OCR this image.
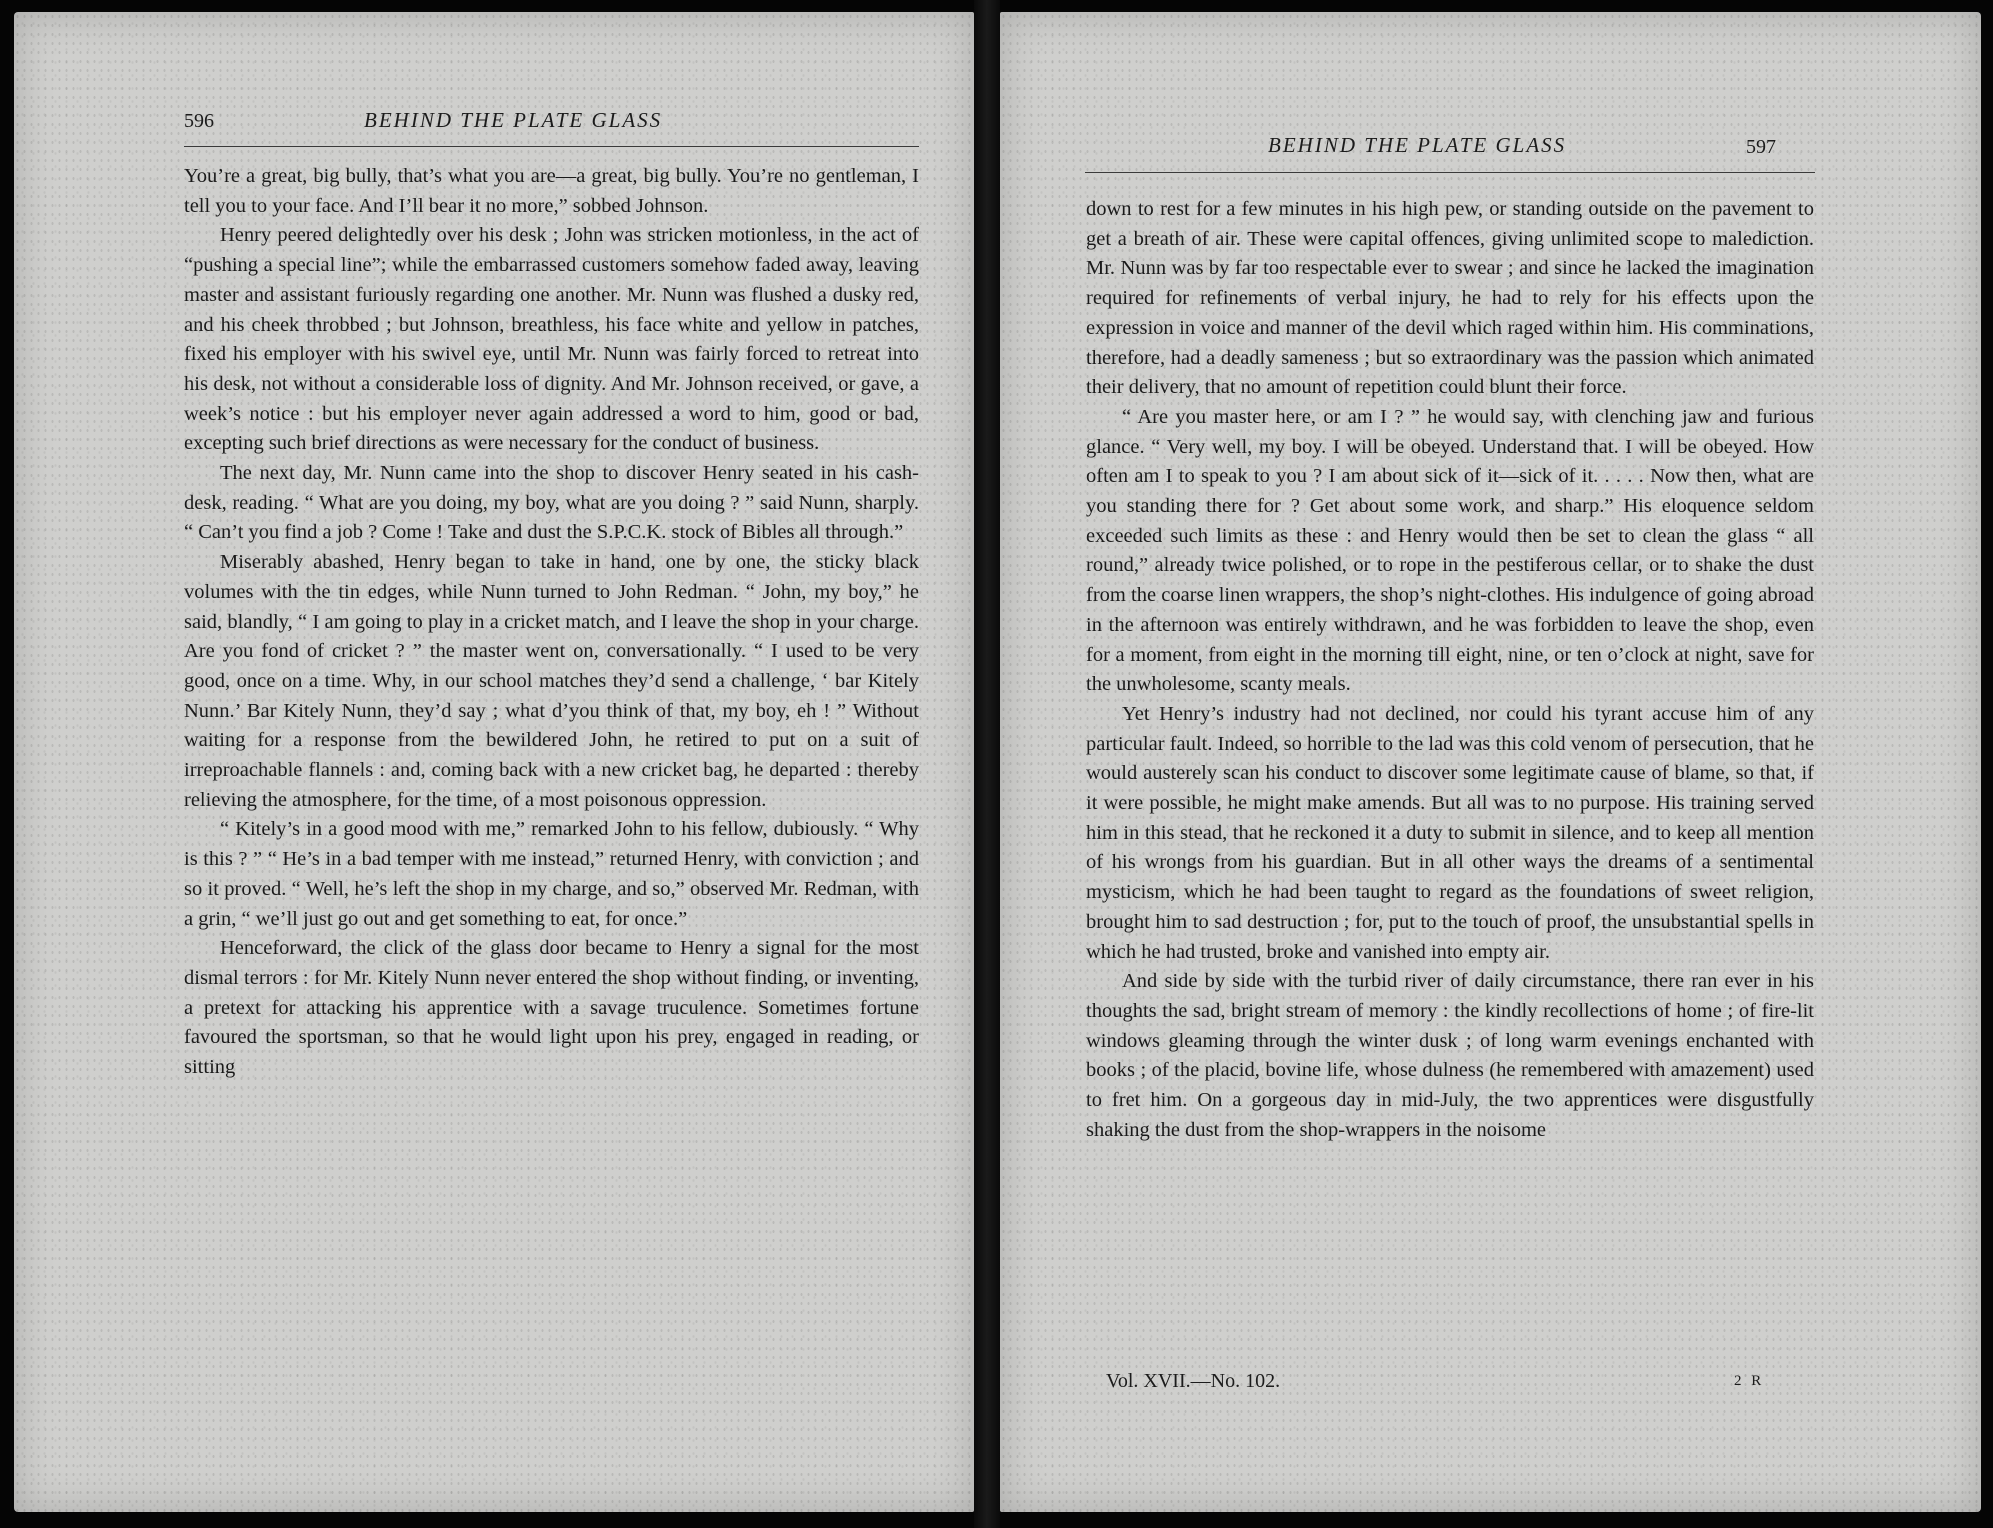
596	BEHIND THE PLATE GLASS

You’re a great, big bully, that’s what you are—a great, big bully. You’re no gentleman, I tell you to your face. And I’ll bear it no more,” sobbed Johnson.

Henry peered delightedly over his desk ; John was stricken motionless, in the act of “pushing a special line”; while the embarrassed customers somehow faded away, leaving master and assistant furiously regarding one another. Mr. Nunn was flushed a dusky red, and his cheek throbbed ; but Johnson, breathless, his face white and yellow in patches, fixed his employer with his swivel eye, until Mr. Nunn was fairly forced to retreat into his desk, not without a considerable loss of dignity. And Mr. Johnson received, or gave, a week’s notice : but his employer never again addressed a word to him, good or bad, excepting such brief directions as were necessary for the conduct of business.

The next day, Mr. Nunn came into the shop to discover Henry seated in his cash-desk, reading. “ What are you doing, my boy, what are you doing ? ” said Nunn, sharply. “ Can’t you find a job ? Come ! Take and dust the S.P.C.K. stock of Bibles all through.”

Miserably abashed, Henry began to take in hand, one by one, the sticky black volumes with the tin edges, while Nunn turned to John Redman. “ John, my boy,” he said, blandly, “ I am going to play in a cricket match, and I leave the shop in your charge. Are you fond of cricket ? ” the master went on, conversationally. “ I used to be very good, once on a time. Why, in our school matches they’d send a challenge, ‘ bar Kitely Nunn.’ Bar Kitely Nunn, they’d say ; what d’you think of that, my boy, eh ! ” Without waiting for a response from the bewildered John, he retired to put on a suit of irreproachable flannels : and, coming back with a new cricket bag, he departed : thereby relieving the atmosphere, for the time, of a most poisonous oppression.

“ Kitely’s in a good mood with me,” remarked John to his fellow, dubiously. “ Why is this ? ” “ He’s in a bad temper with me instead,” returned Henry, with conviction ; and so it proved. “ Well, he’s left the shop in my charge, and so,” observed Mr. Redman, with a grin, “ we’ll just go out and get something to eat, for once.”

Henceforward, the click of the glass door became to Henry a signal for the most dismal terrors : for Mr. Kitely Nunn never entered the shop without finding, or inventing, a pretext for attacking his apprentice with a savage truculence. Sometimes fortune favoured the sportsman, so that he would light upon his prey, engaged in reading, or sitting

BEHIND THE PLATE GLASS	597

down to rest for a few minutes in his high pew, or standing outside on the pavement to get a breath of air. These were capital offences, giving unlimited scope to malediction. Mr. Nunn was by far too respectable ever to swear ; and since he lacked the imagination required for refinements of verbal injury, he had to rely for his effects upon the expression in voice and manner of the devil which raged within him. His comminations, therefore, had a deadly sameness ; but so extraordinary was the passion which animated their delivery, that no amount of repetition could blunt their force.

“ Are you master here, or am I ? ” he would say, with clenching jaw and furious glance. “ Very well, my boy. I will be obeyed. Understand that. I will be obeyed. How often am I to speak to you ? I am about sick of it—sick of it. . . . . Now then, what are you standing there for ? Get about some work, and sharp.” His eloquence seldom exceeded such limits as these : and Henry would then be set to clean the glass “ all round,” already twice polished, or to rope in the pestiferous cellar, or to shake the dust from the coarse linen wrappers, the shop’s night-clothes. His indulgence of going abroad in the afternoon was entirely withdrawn, and he was forbidden to leave the shop, even for a moment, from eight in the morning till eight, nine, or ten o’clock at night, save for the unwholesome, scanty meals.

Yet Henry’s industry had not declined, nor could his tyrant accuse him of any particular fault. Indeed, so horrible to the lad was this cold venom of persecution, that he would austerely scan his conduct to discover some legitimate cause of blame, so that, if it were possible, he might make amends. But all was to no purpose. His training served him in this stead, that he reckoned it a duty to submit in silence, and to keep all mention of his wrongs from his guardian. But in all other ways the dreams of a sentimental mysticism, which he had been taught to regard as the foundations of sweet religion, brought him to sad destruction ; for, put to the touch of proof, the unsubstantial spells in which he had trusted, broke and vanished into empty air.

And side by side with the turbid river of daily circumstance, there ran ever in his thoughts the sad, bright stream of memory : the kindly recollections of home ; of fire-lit windows gleaming through the winter dusk ; of long warm evenings enchanted with books ; of the placid, bovine life, whose dulness (he remembered with amazement) used to fret him. On a gorgeous day in mid-July, the two apprentices were disgustfully shaking the dust from the shop-wrappers in the noisome

Vol. XVII.—No. 102.	2 R
